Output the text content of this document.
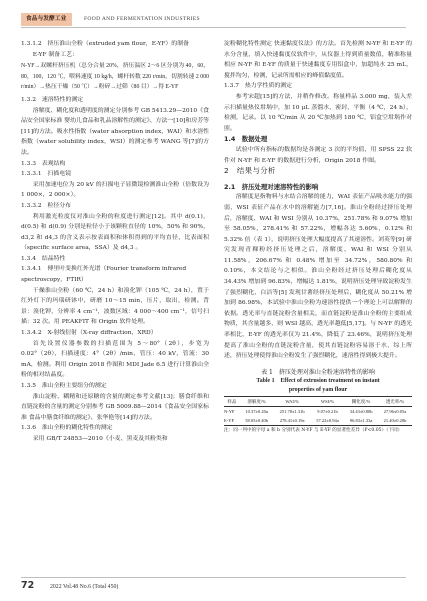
食品与发酵工业	FOOD AND FERMENTATION INDUSTRIES

1.3.1.2　挤压淮山全粉（extruded yam flour，E-YF）的制备

E-YF 制备工艺：

N-YF→双螺杆挤压机（总分合量 20%，挤压温区 2～6 区分别为 40，60，80，100，120 ℃，喂料速度 10 kg/h，螺杆转数 220 r/min，切割转速 2 000 r/min）→热压干燥（50 ℃）→粉碎→过筛（80 目）→得 E-YF

1.3.2　速溶特性的测定

溶解度、糊化度和透明度的测定分别参考 GB 5413.29—2010《食品安全国家标准 婴幼儿食品和乳品溶解性的测定》、方法一[10]和房芳等[11]的方法。吸水性指数（water absorption index，WAI）和水溶性指数（water solubility index，WSI）的测定参考 WANG 等[7]的方法。

1.3.3　表观结构

1.3.3.1　扫描电镜

采用加速电位为 20 kV 的扫描电子显微镜检测淮山全粉（倍数设为 1 000×，2 000×）。

1.3.3.2　粒径分布

利用激光粒度仪对淮山全粉的粒度进行测定[12]。其中 d(0.1)，d(0.5) 和 d(0.9) 分别是粒径小于该颗粒直径的 10%，50% 和 90%，d3,2 和 d4,3 的含义表示按表面积和体积得到的平均直径，比表面积（specific surface area，SSA）及 d4,3 。

1.3.4　结晶特性

1.3.4.1　傅里叶变换红外光谱（Fourier transform infrared spectroscopy，FTIR）

干燥淮山全粉（60 ℃，24 h）和溴化钾（105 ℃，24 h），置于红外灯下的玛瑙研钵中，研磨 10～15 min，压片，取出，检测。背景：溴化钾，分辨率 4 cm⁻¹，波数区域：4 000～400 cm⁻¹，信号扫描：32 次。用 PEAKFIT 和 Origin 软件处理。

1.3.4.2　X-射线衍射（X-ray diffraction，XRD）

首先设置仪器参数的扫描范围为 5～80°（2θ），步宽为 0.02°（2θ），扫描速度：4°（2θ）/min，管压：40 kV，管流：30 mA，检测。利用 Origin 2018 作图和 MDI Jade 6.5 进行计算淮山全粉的相对结晶度。

1.3.5　淮山全粉主要组分的测定

淮山淀粉、糊精和还原糖的含量的测定参考文献[13]；膳食纤维和直链淀粉的含量的测定分别参考 GB 5009.88—2014《食品安全国家标准 食品中膳食纤维的测定》、张华艳等[14]的方法。

1.3.6　淮山全粉的糊化特性的测定

采用 GB/T 24853—2010《小麦、黑麦及其粉类和

淀粉糊化特性测定 快速黏度仪法》的方法。首先检测 N-YF 和 E-YF 的水分含量，填入快速黏度仪软件中，从仪器上得到质量数值，精准称量相应 N-YF 和 E-YF 的质量于快速黏度专用铝盒中，加超纯水 25 mL，搅拌均匀，检测，记录所需相应的峰值黏度值。

1.3.7　热力学性质的测定

参考宋超[15]的方法，并稍作修改。称量样品 3.000 mg，装入差示扫描量热仪坩埚中，加 10 μL 蒸馏水，密封，平衡（4 ℃，24 h），检测，记录。以 10 ℃/min 从 20 ℃加热到 180 ℃，铝盒空坩埚作对照。

1.4　数据处理

试验中所有指标的数据均是各测定 3 次的平均值，用 SPSS 22 软件对 N-YF 和 E-YF 的数据进行分析，Origin 2018 作图。

2　结果与分析

2.1　挤压处理对速溶特性的影响

溶解度是指物料与水结合溶解的能力，WAI 表征产品吸水能力的强弱，WSI 表征产品在水中的溶解能力[7,16]。淮山全粉经过挤压处理后，溶解度、WAI 和 WSI 分别从 10.37%，251.78% 和 9.07% 增加至 58.05%，278.41% 和 57.22%，增幅各达 5.60%，0.12% 和 5.32% 倍（表 1），说明挤压处理大幅度提高了其速溶性。刘英等[9] 研究发现青稞粉经挤压处理之后，溶解度、WAI 和 WSI 分别从 11.58%，206.67% 和 0.48% 增加至 34.72%，580.80% 和 0.10%，本文结论与之相似。淮山全粉经过挤压处理后糊化度从 34.43% 增加到 96.83%，增幅达 1.81%，说明挤压处理导致淀粉发生了强烈糊化，白洁等[5] 发现甘薯经挤压处理后，糊化度从 50.21% 增加到 86.98%，本试验中淮山全粉为速溶性提供一个理论上可以解释的依据。透光率与直链淀粉含量相关，而直链淀粉是淮山全粉的主要组成物质，其含量越多，则 WSI 越高，透光率越低[5,17]。与 N-YF 的透光率相比，E-YF 的透光率仅为 21.4%，降低了 23.46%，说明挤压处理提高了淮山全粉的直链淀粉含量，使其直链淀粉容易溶于水，综上所述，挤压处理使得淮山全粉发生了强烈糊化，速溶性得到极大提升。

表 1　挤压处理对淮山全粉速溶特性的影响

Table 1　Effect of extrusion treatment on instant

properties of yam flour

样品	溶解度/%	WAI/%	WSI/%	糊化度/%	透光率/%
N-YF	10.37±0.20a	251.78±1.31b	9.07±0.21b	34.43±0.80b	27.96±0.05a
E-YF	58.05±0.40b	278.41±0.19a	57.22±0.94a	96.83±1.33a	21.40±0.20b

注：同一列中的字母 a 和 b 分别代表 N-YF 与 E-YF 的显著性差异（P<0.05）（下同）

72	2022 Vol.48 No.6 (Total 450)
